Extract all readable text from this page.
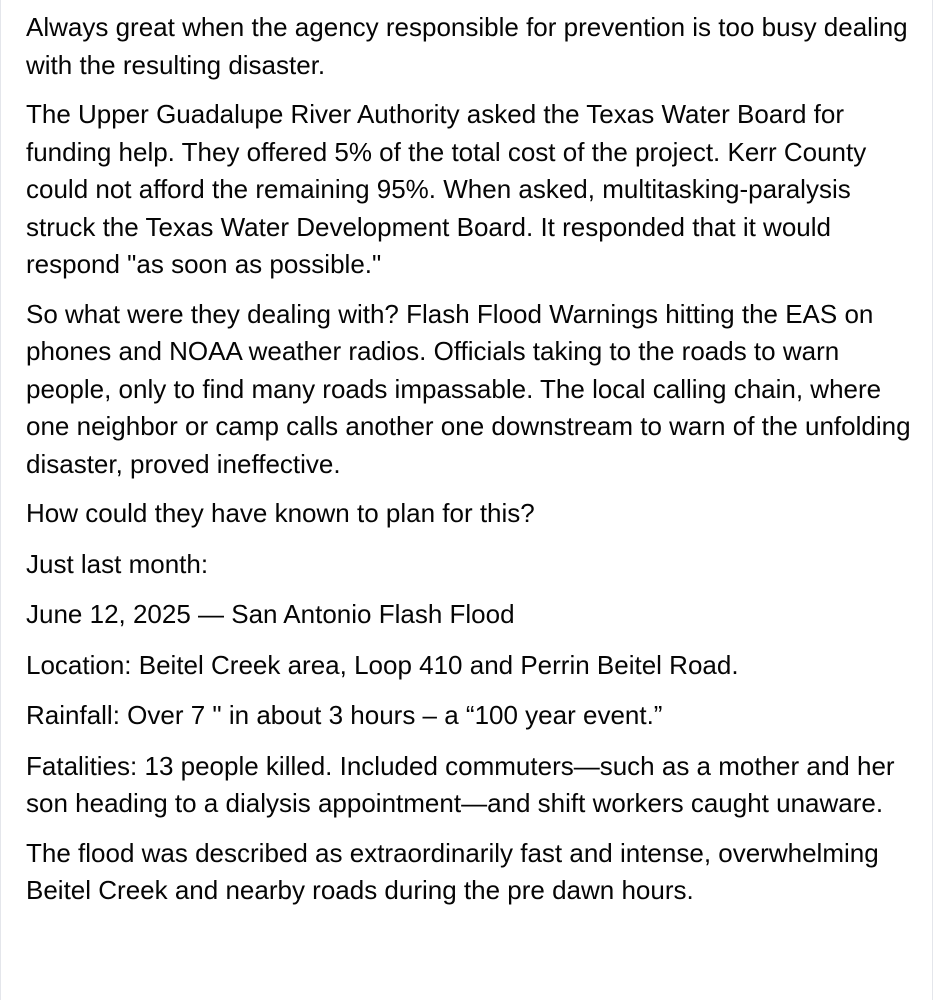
Always great when the agency responsible for prevention is too busy dealing with the resulting disaster.

The Upper Guadalupe River Authority asked the Texas Water Board for funding help. They offered 5% of the total cost of the project. Kerr County could not afford the remaining 95%. When asked, multitasking-paralysis struck the Texas Water Development Board. It responded that it would respond "as soon as possible."

So what were they dealing with? Flash Flood Warnings hitting the EAS on phones and NOAA weather radios. Officials taking to the roads to warn people, only to find many roads impassable. The local calling chain, where one neighbor or camp calls another one downstream to warn of the unfolding disaster, proved ineffective.

How could they have known to plan for this?

Just last month:

June 12, 2025 — San Antonio Flash Flood

Location: Beitel Creek area, Loop 410 and Perrin Beitel Road.

Rainfall: Over 7 " in about 3 hours – a “100 year event.”

Fatalities: 13 people killed. Included commuters—such as a mother and her son heading to a dialysis appointment—and shift workers caught unaware.

The flood was described as extraordinarily fast and intense, overwhelming Beitel Creek and nearby roads during the pre dawn hours.
